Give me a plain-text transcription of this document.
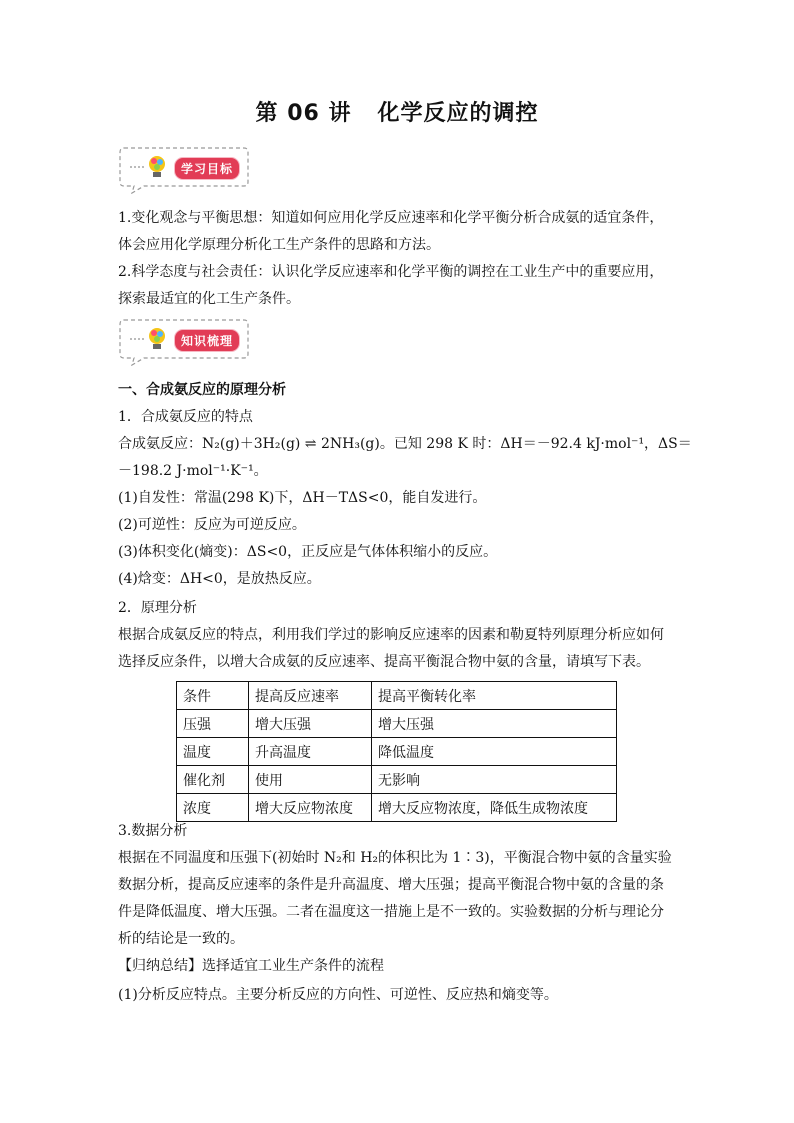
第 06 讲   化学反应的调控
学习目标
1.变化观念与平衡思想：知道如何应用化学反应速率和化学平衡分析合成氨的适宜条件，体会应用化学原理分析化工生产条件的思路和方法。
2.科学态度与社会责任：认识化学反应速率和化学平衡的调控在工业生产中的重要应用，探索最适宜的化工生产条件。
知识梳理
一、合成氨反应的原理分析
1．合成氨反应的特点
合成氨反应：N₂(g)＋3H₂(g) ⇌ 2NH₃(g)。已知 298 K 时：ΔH＝－92.4 kJ·mol⁻¹，ΔS＝
－198.2 J·mol⁻¹·K⁻¹。
(1)自发性：常温(298 K)下，ΔH－TΔS<0，能自发进行。
(2)可逆性：反应为可逆反应。
(3)体积变化(熵变)：ΔS<0，正反应是气体体积缩小的反应。
(4)焓变：ΔH<0，是放热反应。
2．原理分析
根据合成氨反应的特点，利用我们学过的影响反应速率的因素和勒夏特列原理分析应如何选择反应条件，以增大合成氨的反应速率、提高平衡混合物中氨的含量，请填写下表。
条件	提高反应速率	提高平衡转化率
压强	增大压强	增大压强
温度	升高温度	降低温度
催化剂	使用	无影响
浓度	增大反应物浓度	增大反应物浓度，降低生成物浓度
3.数据分析
根据在不同温度和压强下(初始时 N₂和 H₂的体积比为 1∶3)，平衡混合物中氨的含量实验数据分析，提高反应速率的条件是升高温度、增大压强；提高平衡混合物中氨的含量的条件是降低温度、增大压强。二者在温度这一措施上是不一致的。实验数据的分析与理论分析的结论是一致的。
【归纳总结】选择适宜工业生产条件的流程
(1)分析反应特点。主要分析反应的方向性、可逆性、反应热和熵变等。
